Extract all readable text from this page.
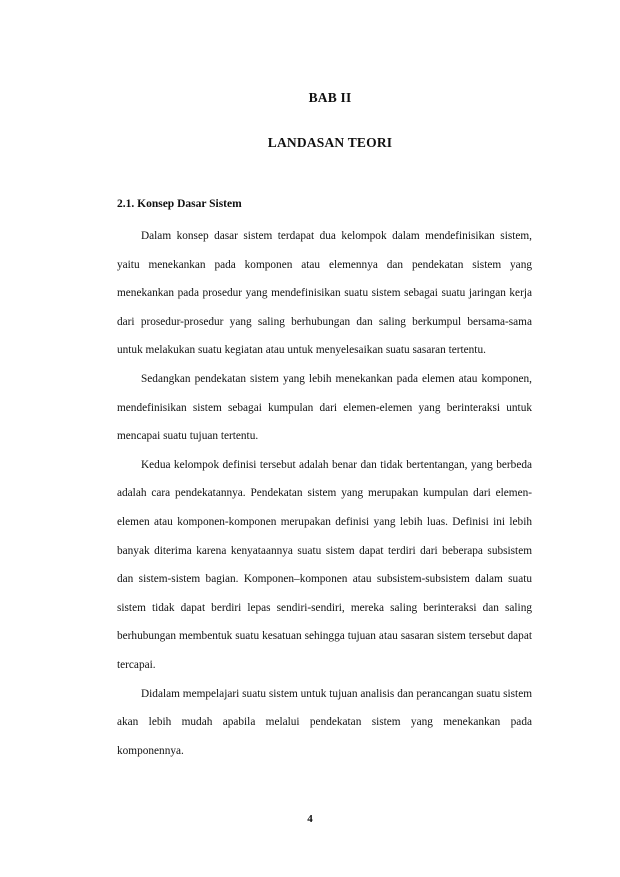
BAB II
LANDASAN TEORI
2.1. Konsep Dasar Sistem

Dalam konsep dasar sistem terdapat dua kelompok dalam mendefinisikan sistem, yaitu menekankan pada komponen atau elemennya dan pendekatan sistem yang menekankan pada prosedur yang mendefinisikan suatu sistem sebagai suatu jaringan kerja dari prosedur-prosedur yang saling berhubungan dan saling berkumpul bersama-sama untuk melakukan suatu kegiatan atau untuk menyelesaikan suatu sasaran tertentu.

Sedangkan pendekatan sistem yang lebih menekankan pada elemen atau komponen, mendefinisikan sistem sebagai kumpulan dari elemen-elemen yang berinteraksi untuk mencapai suatu tujuan tertentu.

Kedua kelompok definisi tersebut adalah benar dan tidak bertentangan, yang berbeda adalah cara pendekatannya. Pendekatan sistem yang merupakan kumpulan dari elemen-elemen atau komponen-komponen merupakan definisi yang lebih luas. Definisi ini lebih banyak diterima karena kenyataannya suatu sistem dapat terdiri dari beberapa subsistem dan sistem-sistem bagian. Komponen–komponen atau subsistem-subsistem dalam suatu sistem tidak dapat berdiri lepas sendiri-sendiri, mereka saling berinteraksi dan saling berhubungan membentuk suatu kesatuan sehingga tujuan atau sasaran sistem tersebut dapat tercapai.

Didalam mempelajari suatu sistem untuk tujuan analisis dan perancangan suatu sistem akan lebih mudah apabila melalui pendekatan sistem yang menekankan pada komponennya.

4
